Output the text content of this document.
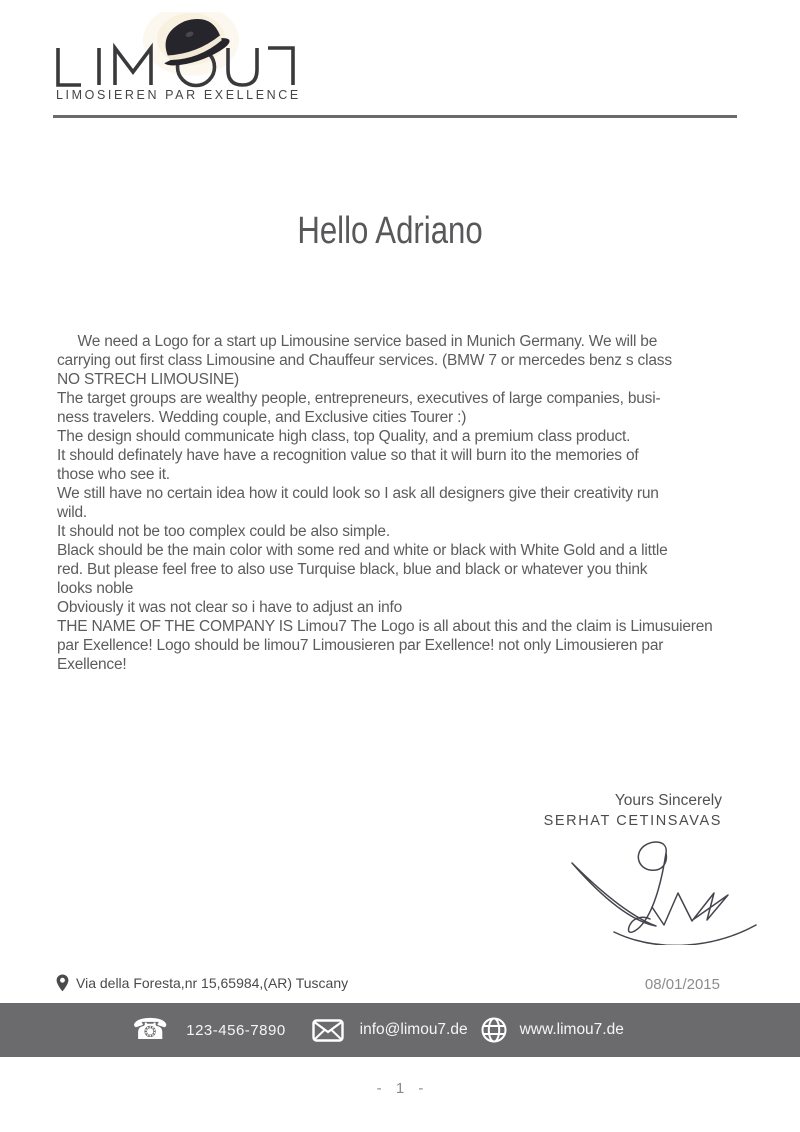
LIMOSIEREN PAR EXELLENCE
Hello Adriano
We need a Logo for a start up Limousine service based in Munich Germany. We will be
carrying out first class Limousine and Chauffeur services. (BMW 7 or mercedes benz s class
NO STRECH LIMOUSINE)
The target groups are wealthy people, entrepreneurs, executives of large companies, busi-
ness travelers. Wedding couple, and Exclusive cities Tourer :)
The design should communicate high class, top Quality, and a premium class product.
It should definately have have a recognition value so that it will burn ito the memories of
those who see it.
We still have no certain idea how it could look so I ask all designers give their creativity run
wild.
It should not be too complex could be also simple.
Black should be the main color with some red and white or black with White Gold and a little
red. But please feel free to also use Turquise black, blue and black or whatever you think
looks noble
Obviously it was not clear so i have to adjust an info
THE NAME OF THE COMPANY IS Limou7 The Logo is all about this and the claim is Limusuieren
par Exellence! Logo should be limou7 Limousieren par Exellence! not only Limousieren par
Exellence!
Yours Sincerely
SERHAT CETINSAVAS
Via della Foresta,nr 15,65984,(AR) Tuscany	08/01/2015
☎ 123-456-7890	info@limou7.de	www.limou7.de
- 1 -
